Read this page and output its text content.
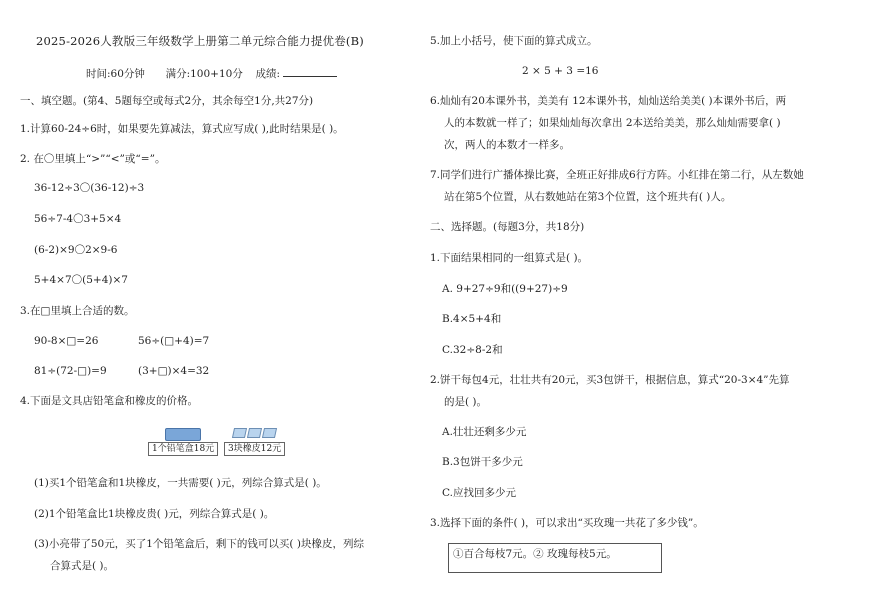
2025-2026人教版三年级数学上册第二单元综合能力提优卷(B)
时间:60分钟 满分:100+10分 成绩:
一、填空题。(第4、5题每空或每式2分，其余每空1分,共27分)
1.计算60-24÷6时，如果要先算减法，算式应写成( ),此时结果是( )。
2. 在〇里填上“>”“<”或“=”。
36-12÷3〇(36-12)÷3
56÷7-4〇3+5×4
(6-2)×9〇2×9-6
5+4×7〇(5+4)×7
3.在□里填上合适的数。
90-8×□=26	56÷(□+4)=7
81÷(72-□)=9	(3+□)×4=32
4.下面是文具店铅笔盒和橡皮的价格。
1个铅笔盒18元	3块橡皮12元
(1)买1个铅笔盒和1块橡皮，一共需要( )元，列综合算式是( )。
(2)1个铅笔盒比1块橡皮贵( )元，列综合算式是( )。
(3)小亮带了50元，买了1个铅笔盒后，剩下的钱可以买( )块橡皮，列综
合算式是( )。
5.加上小括号，使下面的算式成立。
2 × 5 + 3 =16
6.灿灿有20本课外书，美美有 12本课外书，灿灿送给美美( )本课外书后，两
人的本数就一样了；如果灿灿每次拿出 2本送给美美，那么灿灿需要拿( )
次，两人的本数才一样多。
7.同学们进行广播体操比赛，全班正好排成6行方阵。小红排在第二行，从左数她
站在第5个位置，从右数她站在第3个位置，这个班共有( )人。
二、选择题。(每题3分，共18分)
1.下面结果相同的一组算式是( )。
A. 9+27÷9和((9+27)÷9
B.4×5+4和
C.32÷8-2和
2.饼干每包4元，壮壮共有20元，买3包饼干，根据信息，算式“20-3×4”先算
的是( )。
A.壮壮还剩多少元
B.3包饼干多少元
C.应找回多少元
3.选择下面的条件( )，可以求出“买玫瑰一共花了多少钱”。
①百合每枝7元。② 玫瑰每枝5元。
